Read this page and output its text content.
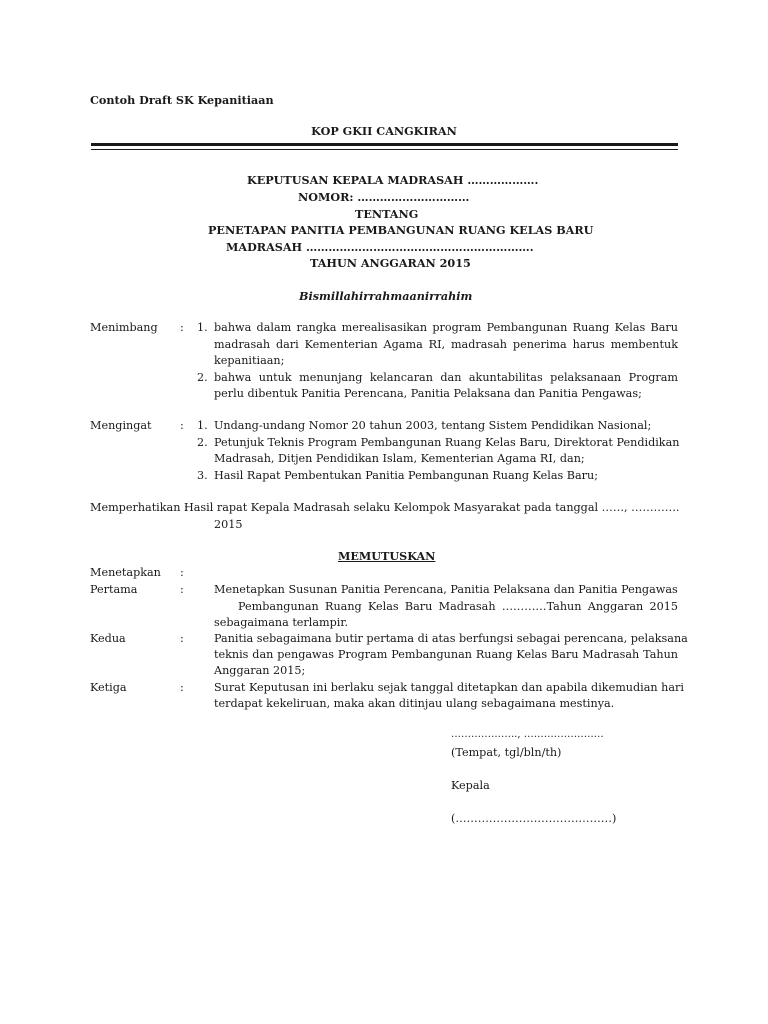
Contoh Draft SK Kepanitiaan
KOP GKII CANGKIRAN
KEPUTUSAN KEPALA MADRASAH ……………….
NOMOR: …………………………
TENTANG
PENETAPAN PANITIA PEMBANGUNAN RUANG KELAS BARU
MADRASAH …………………………………………………….
TAHUN ANGGARAN 2015
Bismillahirrahmaanirrahim
Menimbang : 1. bahwa dalam rangka merealisasikan program Pembangunan Ruang Kelas Baru
madrasah dari Kementerian Agama RI, madrasah penerima harus membentuk
kepanitiaan;
2. bahwa untuk menunjang kelancaran dan akuntabilitas pelaksanaan Program
perlu dibentuk Panitia Perencana, Panitia Pelaksana dan Panitia Pengawas;
Mengingat	: 1. Undang-undang Nomor 20 tahun 2003, tentang Sistem Pendidikan Nasional;
2. Petunjuk Teknis Program Pembangunan Ruang Kelas Baru, Direktorat Pendidikan
Madrasah, Ditjen Pendidikan Islam, Kementerian Agama RI, dan;
3. Hasil Rapat Pembentukan Panitia Pembangunan Ruang Kelas Baru;
Memperhatikan :
Hasil rapat Kepala Madrasah selaku Kelompok Masyarakat pada tanggal ……, ………….
2015
MEMUTUSKAN
Menetapkan :
Pertama	:	Menetapkan Susunan Panitia Perencana, Panitia Pelaksana dan Panitia Pengawas
Pembangunan Ruang Kelas Baru Madrasah …………Tahun Anggaran 2015
sebagaimana terlampir.
Kedua	:	Panitia sebagaimana butir pertama di atas berfungsi sebagai perencana, pelaksana
teknis dan pengawas Program Pembangunan Ruang Kelas Baru Madrasah Tahun
Anggaran 2015;
Ketiga	:	Surat Keputusan ini berlaku sejak tanggal ditetapkan dan apabila dikemudian hari
terdapat kekeliruan, maka akan ditinjau ulang sebagaimana mestinya.
……………….., ……………………
(Tempat, tgl/bln/th)
Kepala
(……………………………………)
